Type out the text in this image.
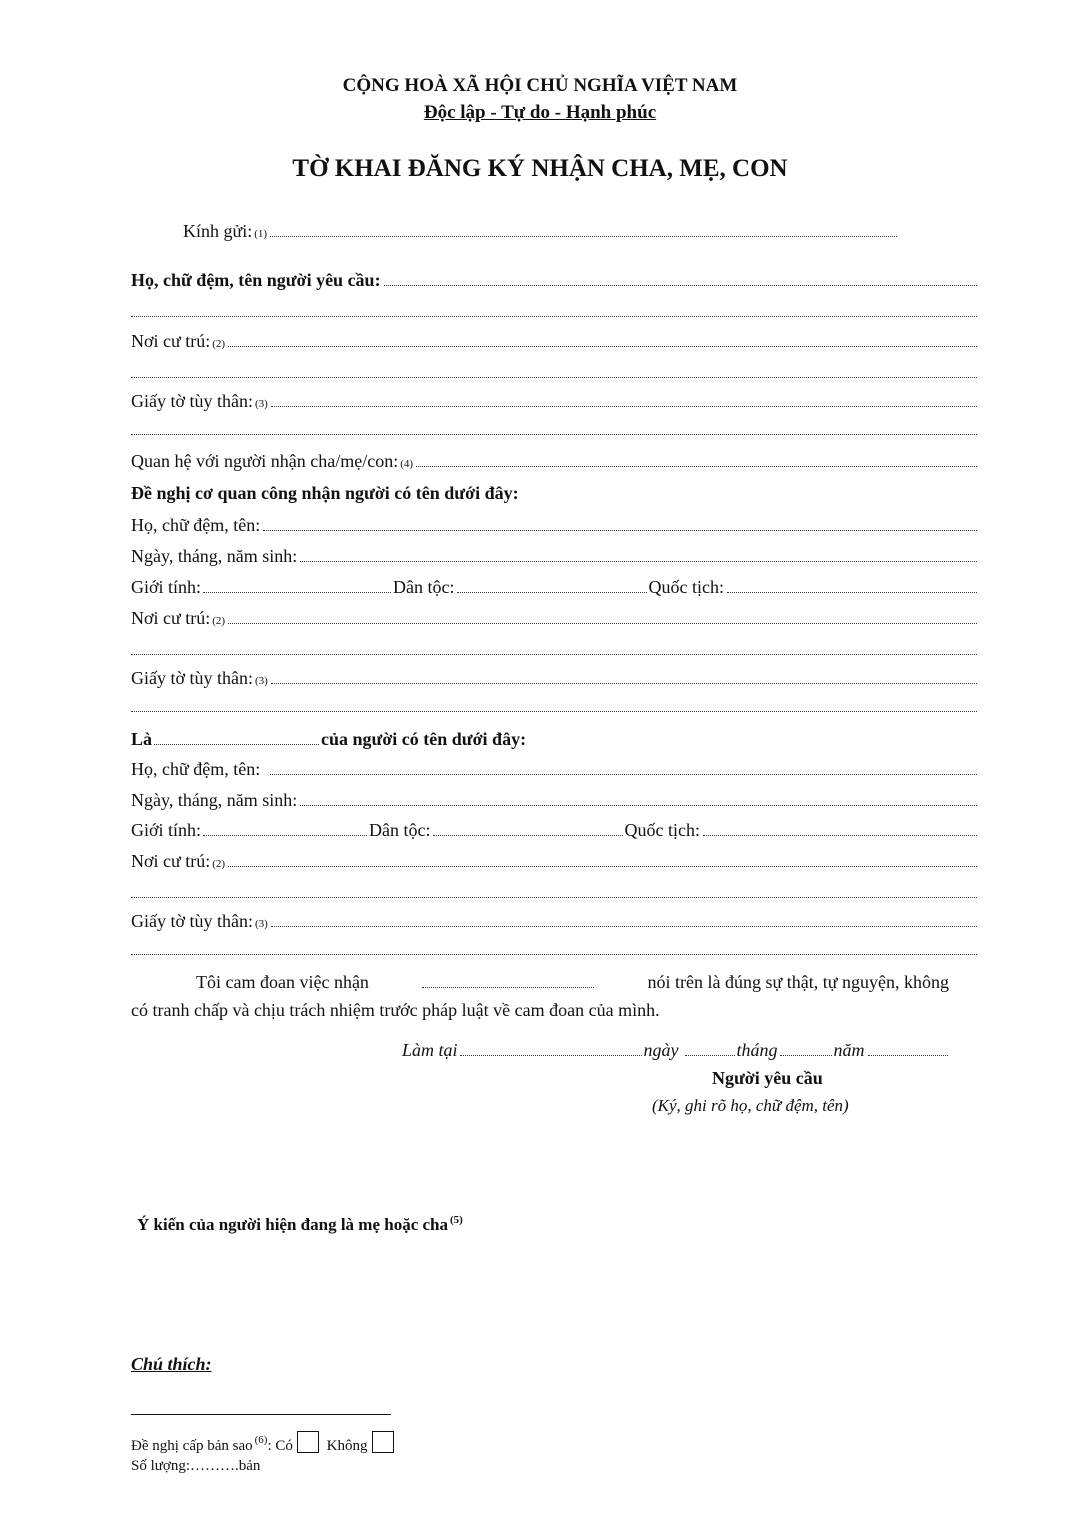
CỘNG HOÀ XÃ HỘI CHỦ NGHĨA VIỆT NAM
Độc lập - Tự do - Hạnh phúc
TỜ KHAI ĐĂNG KÝ NHẬN CHA, MẸ, CON
Kính gửi: (1)
Họ, chữ đệm, tên người yêu cầu:
Nơi cư trú: (2)
Giấy tờ tùy thân: (3)
Quan hệ với người nhận cha/mẹ/con: (4)
Đề nghị cơ quan công nhận người có tên dưới đây:
Họ, chữ đệm, tên:
Ngày, tháng, năm sinh:
Giới tính:	Dân tộc:	Quốc tịch:
Nơi cư trú: (2)
Giấy tờ tùy thân: (3)
Là	của người có tên dưới đây:
Họ, chữ đệm, tên:
Ngày, tháng, năm sinh:
Giới tính:	Dân tộc:	Quốc tịch:
Nơi cư trú: (2)
Giấy tờ tùy thân: (3)
Tôi cam đoan việc nhận	nói trên là đúng sự thật, tự nguyện, không
có tranh chấp và chịu trách nhiệm trước pháp luật về cam đoan của mình.
Làm tại	ngày	tháng	năm
Người yêu cầu
(Ký, ghi rõ họ, chữ đệm, tên)
Ý kiến của người hiện đang là mẹ hoặc cha $^{(5)}$
Chú thích:
Đề nghị cấp bản sao $^{(6)}$: Có Không
Số lượng:……….bản
